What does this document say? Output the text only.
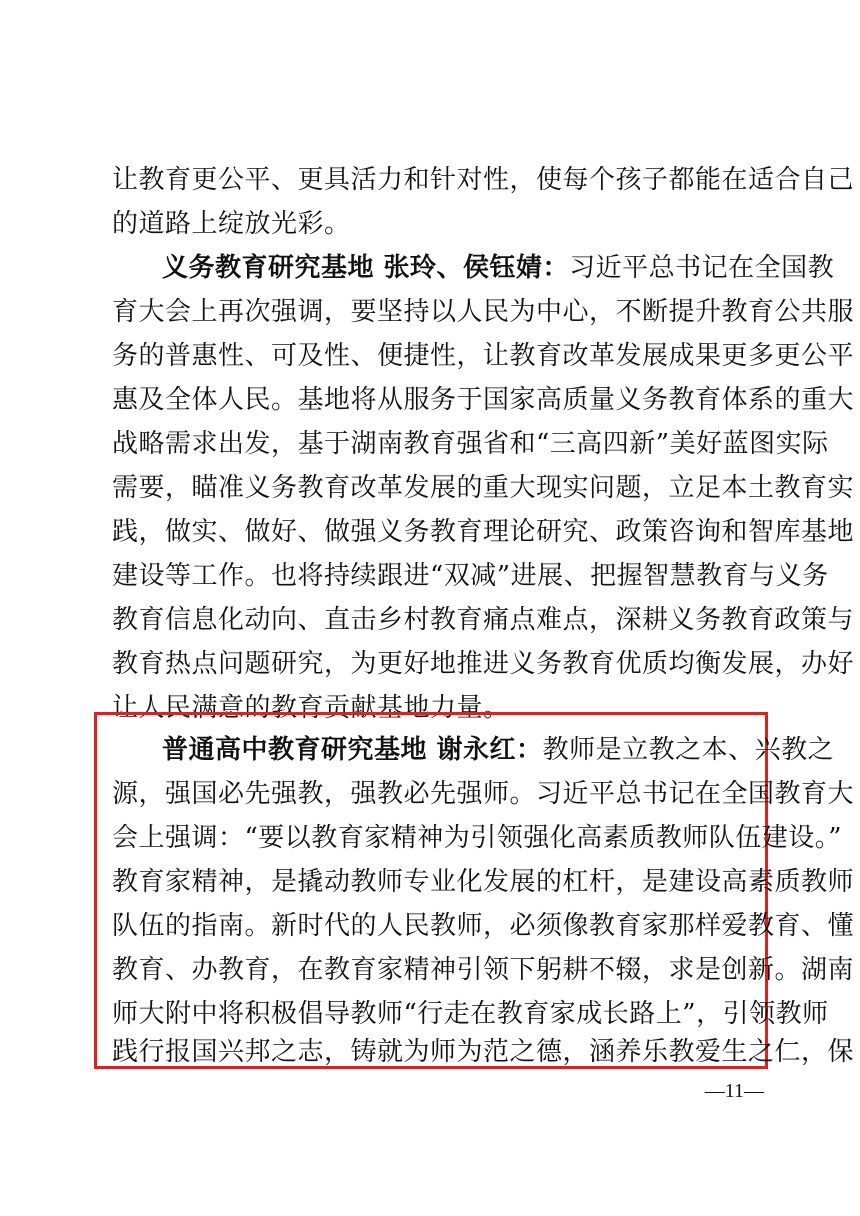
让教育更公平、更具活力和针对性，使每个孩子都能在适合自己
的道路上绽放光彩。
义务教育研究基地 张玲、侯钰婧：习近平总书记在全国教
育大会上再次强调，要坚持以人民为中心，不断提升教育公共服
务的普惠性、可及性、便捷性，让教育改革发展成果更多更公平
惠及全体人民。基地将从服务于国家高质量义务教育体系的重大
战略需求出发，基于湖南教育强省和“三高四新”美好蓝图实际
需要，瞄准义务教育改革发展的重大现实问题，立足本土教育实
践，做实、做好、做强义务教育理论研究、政策咨询和智库基地
建设等工作。也将持续跟进“双减”进展、把握智慧教育与义务
教育信息化动向、直击乡村教育痛点难点，深耕义务教育政策与
教育热点问题研究，为更好地推进义务教育优质均衡发展，办好
让人民满意的教育贡献基地力量。
普通高中教育研究基地 谢永红：教师是立教之本、兴教之
源，强国必先强教，强教必先强师。习近平总书记在全国教育大
会上强调：“要以教育家精神为引领强化高素质教师队伍建设。”
教育家精神，是撬动教师专业化发展的杠杆，是建设高素质教师
队伍的指南。新时代的人民教师，必须像教育家那样爱教育、懂
教育、办教育，在教育家精神引领下躬耕不辍，求是创新。湖南
师大附中将积极倡导教师“行走在教育家成长路上”，引领教师
践行报国兴邦之志，铸就为师为范之德，涵养乐教爱生之仁，保
—11—
